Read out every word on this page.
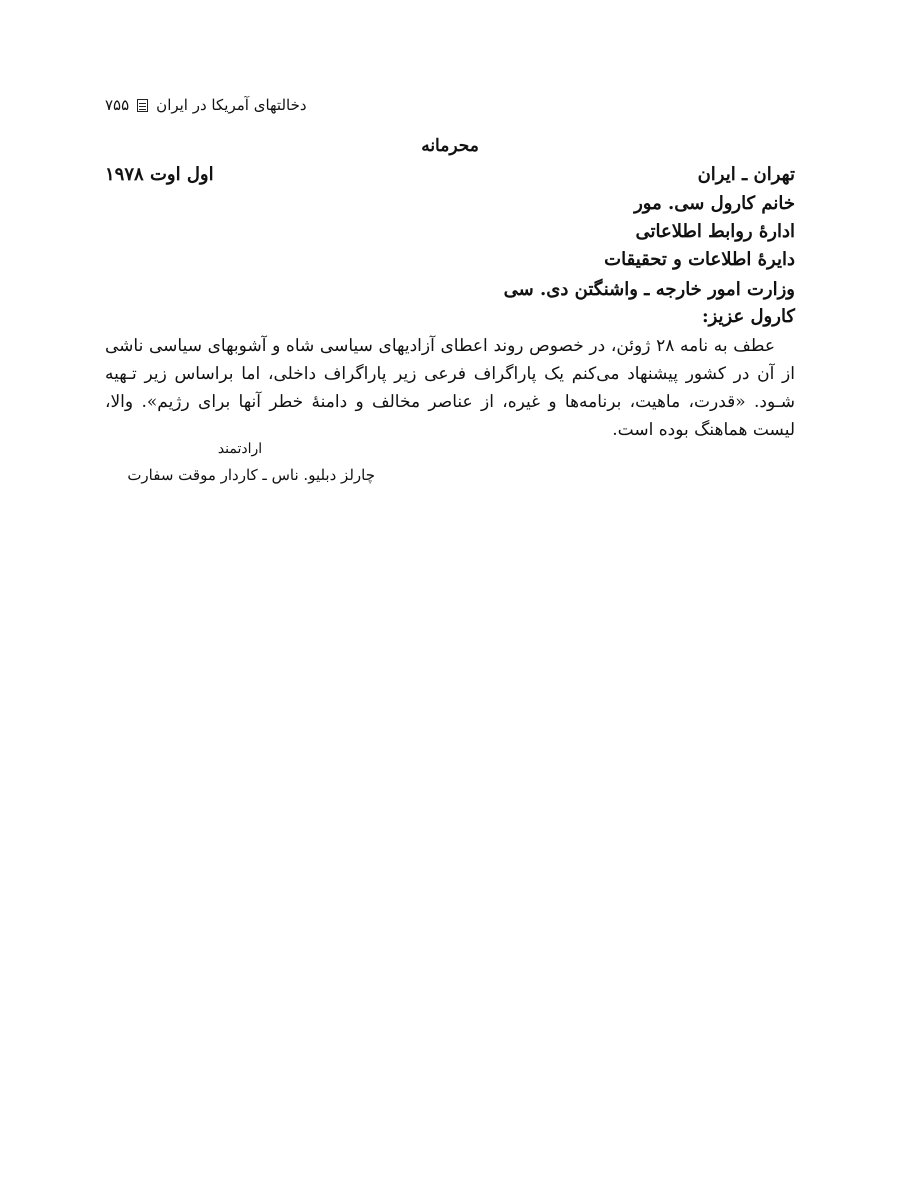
۷۵۵ دخالتهای آمریکا در ایران
محرمانه
تهران ـ ایران
اول اوت ۱۹۷۸
خانم کارول سی. مور
ادارهٔ روابط اطلاعاتی
دایرهٔ اطلاعات و تحقیقات
وزارت امور خارجه ـ واشنگتن دی. سی
کارول عزیز:
عطف به نامه ۲۸ ژوئن، در خصوص روند اعطای آزادیهای سیاسی شاه و آشوبهای سیاسی ناشی از آن در کشور پیشنهاد می‌کنم یک پاراگراف فرعی زیر پاراگراف داخلی، اما براساس زیر تـهیه شـود. «قدرت، ماهیت، برنامه‌ها و غیره، از عناصر مخالف و دامنهٔ خطر آنها برای رژیم». والا، لیست هماهنگ بوده است.
ارادتمند
چارلز دبلیو. ناس ـ کاردار موقت سفارت
